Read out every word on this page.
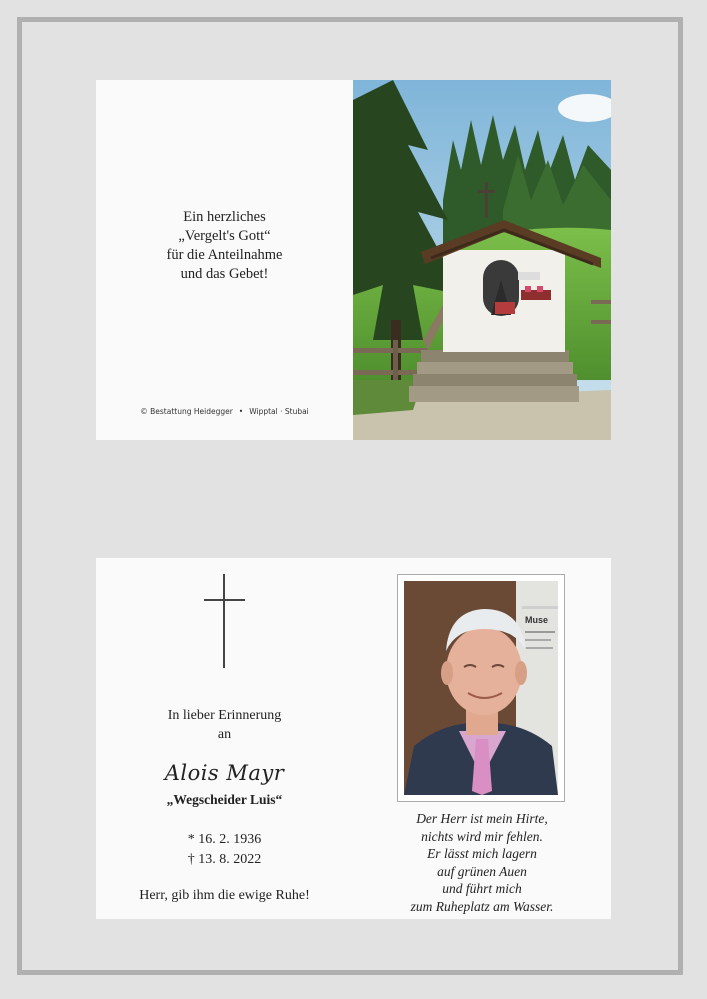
Ein herzliches
„Vergelt's Gott“
für die Anteilnahme
und das Gebet!
© Bestattung Heidegger • Wipptal · Stubai
In lieber Erinnerung
an
Alois Mayr
„Wegscheider Luis“
* 16. 2. 1936
† 13. 8. 2022
Herr, gib ihm die ewige Ruhe!
Muse
Der Herr ist mein Hirte,
nichts wird mir fehlen.
Er lässt mich lagern
auf grünen Auen
und führt mich
zum Ruheplatz am Wasser.
